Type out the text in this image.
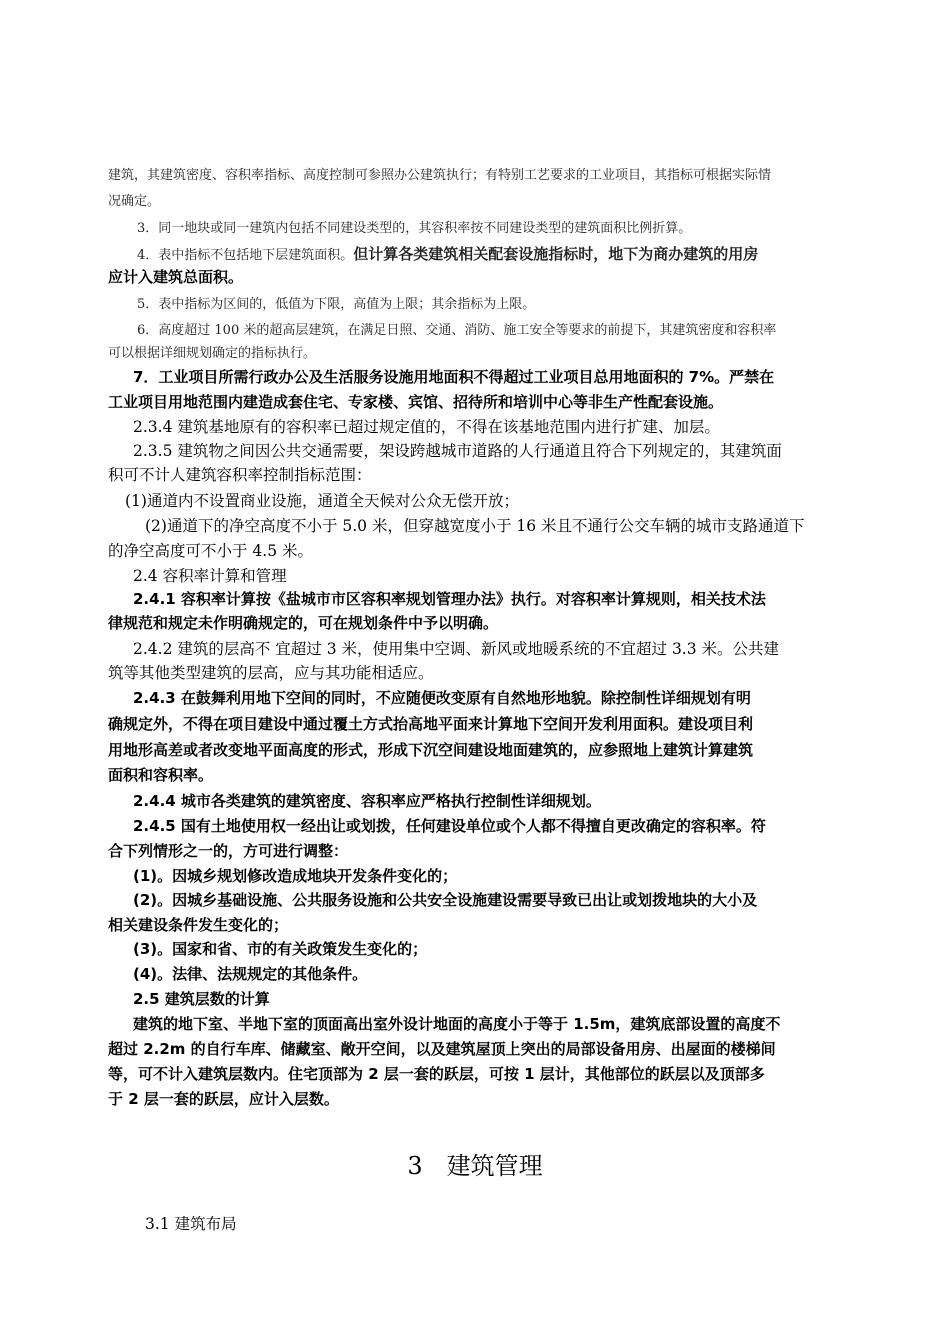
建筑，其建筑密度、容积率指标、高度控制可参照办公建筑执行；有特别工艺要求的工业项目，其指标可根据实际情

况确定。

3．同一地块或同一建筑内包括不同建设类型的，其容积率按不同建设类型的建筑面积比例折算。

4．表中指标不包括地下层建筑面积。但计算各类建筑相关配套设施指标时，地下为商办建筑的用房

应计入建筑总面积。

5．表中指标为区间的，低值为下限，高值为上限；其余指标为上限。

6．高度超过 100 米的超高层建筑，在满足日照、交通、消防、施工安全等要求的前提下，其建筑密度和容积率

可以根据详细规划确定的指标执行。

7．工业项目所需行政办公及生活服务设施用地面积不得超过工业项目总用地面积的 7%。严禁在

工业项目用地范围内建造成套住宅、专家楼、宾馆、招待所和培训中心等非生产性配套设施。

2.3.4 建筑基地原有的容积率已超过规定值的，不得在该基地范围内进行扩建、加层。

2.3.5 建筑物之间因公共交通需要，架设跨越城市道路的人行通道且符合下列规定的，其建筑面

积可不计人建筑容积率控制指标范围：

(1)通道内不设置商业设施，通道全天候对公众无偿开放；

(2)通道下的净空高度不小于 5.0 米，但穿越宽度小于 16 米且不通行公交车辆的城市支路通道下

的净空高度可不小于 4.5 米。

2.4 容积率计算和管理

2.4.1 容积率计算按《盐城市市区容积率规划管理办法》执行。对容积率计算规则，相关技术法

律规范和规定未作明确规定的，可在规划条件中予以明确。

2.4.2 建筑的层高不 宜超过 3 米，使用集中空调、新风或地暖系统的不宜超过 3.3 米。公共建

筑等其他类型建筑的层高，应与其功能相适应。

2.4.3 在鼓舞利用地下空间的同时，不应随便改变原有自然地形地貌。除控制性详细规划有明

确规定外，不得在项目建设中通过覆土方式抬高地平面来计算地下空间开发利用面积。建设项目利

用地形高差或者改变地平面高度的形式，形成下沉空间建设地面建筑的，应参照地上建筑计算建筑

面积和容积率。

2.4.4 城市各类建筑的建筑密度、容积率应严格执行控制性详细规划。

2.4.5 国有土地使用权一经出让或划拨，任何建设单位或个人都不得擅自更改确定的容积率。符

合下列情形之一的，方可进行调整：

(1)。因城乡规划修改造成地块开发条件变化的；

(2)。因城乡基础设施、公共服务设施和公共安全设施建设需要导致已出让或划拨地块的大小及

相关建设条件发生变化的；

(3)。国家和省、市的有关政策发生变化的；

(4)。法律、法规规定的其他条件。

2.5 建筑层数的计算

建筑的地下室、半地下室的顶面高出室外设计地面的高度小于等于 1.5m，建筑底部设置的高度不

超过 2.2m 的自行车库、储藏室、敞开空间，以及建筑屋顶上突出的局部设备用房、出屋面的楼梯间

等，可不计入建筑层数内。住宅顶部为 2 层一套的跃层，可按 1 层计，其他部位的跃层以及顶部多

于 2 层一套的跃层，应计入层数。

3  建筑管理

3.1 建筑布局
